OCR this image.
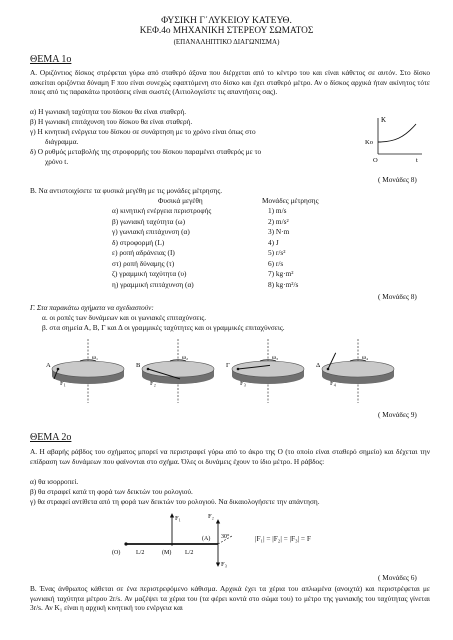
ΦΥΣΙΚΗ Γ΄ΛΥΚΕΙΟΥ ΚΑΤΕΥΘ.
ΚΕΦ.4ο ΜΗΧΑΝΙΚΗ ΣΤΕΡΕΟΥ ΣΩΜΑΤΟΣ
(ΕΠΑΝΑΛΗΠΤΙΚΟ ΔΙΑΓΩΝΙΣΜΑ)
ΘΕΜΑ 1ο
Α. Οριζόντιος δίσκος στρέφεται γύρω από σταθερό άξονα που διέρχεται από το κέντρο του και είναι κάθετος σε αυτόν. Στο δίσκο ασκείται οριζόντια δύναμη F που είναι συνεχώς εφαπτόμενη στο δίσκο και έχει σταθερό μέτρο. Αν ο δίσκος αρχικά ήταν ακίνητος τότε ποιες από τις παρακάτω προτάσεις είναι σωστές (Αιτιολογείστε τις απαντήσεις σας).
α) Η γωνιακή ταχύτητα του δίσκου θα είναι σταθερή.
β) Η γωνιακή επιτάχυνση του δίσκου θα είναι σταθερή.
γ) Η κινητική ενέργεια του δίσκου σε συνάρτηση με το χρόνο είναι όπως στο
διάγραμμα.
δ) Ο ρυθμός μεταβολής της στροφορμής του δίσκου παραμένει σταθερός με το
χρόνο t.
K
Ko
O	t
( Μονάδες 8)
Β. Να αντιστοιχίσετε τα φυσικά μεγέθη με τις μονάδες μέτρησης.
Φυσικά μεγέθη	Μονάδες μέτρησης
α) κινητική ενέργεια περιστροφής	1) m/s
β) γωνιακή ταχύτητα (ω)	2) m/s²
γ) γωνιακή επιτάχυνση (α)	3) N·m
δ) στροφορμή (L)	4) J
ε) ροπή αδράνειας (I)	5) r/s²
στ) ροπή δύναμης (τ)	6) r/s
ζ) γραμμική ταχύτητα (υ)	7) kg·m²
η) γραμμική επιτάχυνση (α)	8) kg·m²/s
( Μονάδες 8)
Γ. Στα παρακάτω σχήματα να σχεδιαστούν:
α. οι ροπές των δυνάμεων και οι γωνιακές επιταχύνσεις.
β. στα σημεία Α, Β, Γ και Δ οι γραμμικές ταχύτητες και οι γραμμικές επιταχύνσεις.
ω₁
A
F₁
ω₂
B
F₂
ω₃
Γ
F₃
ω₄
Δ
F₄
( Μονάδες 9)
ΘΕΜΑ 2ο
Α. Η αβαρής ράβδος του σχήματος μπορεί να περιστραφεί γύρω από το άκρο της Ο (το οποίο είναι σταθερό σημείο) και δέχεται την επίδραση των δυνάμεων που φαίνονται στο σχήμα. Όλες οι δυνάμεις έχουν το ίδιο μέτρο. Η ράβδος:
α) θα ισορροπεί.
β) θα στραφεί κατά τη φορά των δεικτών του ρολογιού.
γ) θα στραφεί αντίθετα από τη φορά των δεικτών του ρολογιού. Να δικαιολογήσετε την απάντηση.
F₁	F₂
F₃
30°
(Α)
(Ο)	L/2	(Μ) L/2
|F₁| = |F₂| = |F₃| = F
( Μονάδες 6)
Β. Ένας άνθρωπος κάθεται σε ένα περιστρεφόμενο κάθισμα. Αρχικά έχει τα χέρια του απλωμένα (ανοιχτά) και περιστρέφεται με γωνιακή ταχύτητα μέτρου 2r/s. Αν μαζέψει τα χέρια του (τα φέρει κοντά στο σώμα του) το μέτρο της γωνιακής του ταχύτητας γίνεται 3r/s. Αν K₁ είναι η αρχική κινητική του ενέργεια και
